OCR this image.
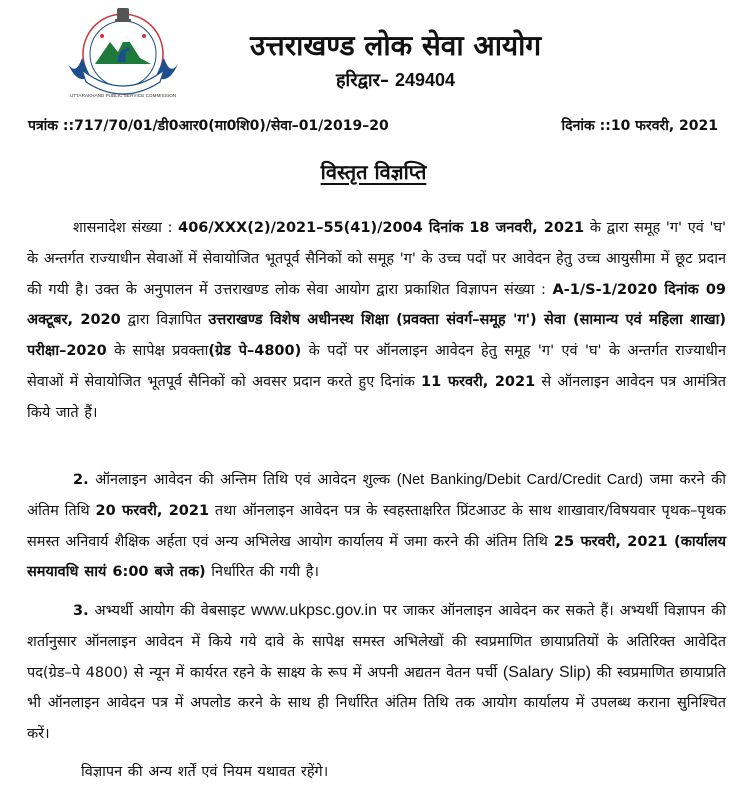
UTTARAKHAND PUBLIC SERVICE COMMISSION
उत्तराखण्ड लोक सेवा आयोग
हरिद्वार– 249404
पत्रांक ::717/70/01/डी0आर0(मा0शि0)/सेवा–01/2019–20	दिनांक ::10 फरवरी, 2021
विस्तृत विज्ञप्ति

शासनादेश संख्या : 406/XXX(2)/2021–55(41)/2004 दिनांक 18 जनवरी, 2021 के द्वारा समूह 'ग' एवं 'घ' के अन्तर्गत राज्याधीन सेवाओं में सेवायोजित भूतपूर्व सैनिकों को समूह 'ग' के उच्च पदों पर आवेदन हेतु उच्च आयुसीमा में छूट प्रदान की गयी है। उक्त के अनुपालन में उत्तराखण्ड लोक सेवा आयोग द्वारा प्रकाशित विज्ञापन संख्या : A-1/S-1/2020 दिनांक 09 अक्टूबर, 2020 द्वारा विज्ञापित उत्तराखण्ड विशेष अधीनस्थ शिक्षा (प्रवक्ता संवर्ग–समूह 'ग') सेवा (सामान्य एवं महिला शाखा) परीक्षा–2020 के सापेक्ष प्रवक्ता(ग्रेड पे–4800) के पदों पर ऑनलाइन आवेदन हेतु समूह 'ग' एवं 'घ' के अन्तर्गत राज्याधीन सेवाओं में सेवायोजित भूतपूर्व सैनिकों को अवसर प्रदान करते हुए दिनांक 11 फरवरी, 2021 से ऑनलाइन आवेदन पत्र आमंत्रित किये जाते हैं।

2. ऑनलाइन आवेदन की अन्तिम तिथि एवं आवेदन शुल्क (Net Banking/Debit Card/Credit Card) जमा करने की अंतिम तिथि 20 फरवरी, 2021 तथा ऑनलाइन आवेदन पत्र के स्वहस्ताक्षरित प्रिंटआउट के साथ शाखावार/विषयवार पृथक–पृथक समस्त अनिवार्य शैक्षिक अर्हता एवं अन्य अभिलेख आयोग कार्यालय में जमा करने की अंतिम तिथि 25 फरवरी, 2021 (कार्यालय समयावधि सायं 6:00 बजे तक) निर्धारित की गयी है।

3. अभ्यर्थी आयोग की वेबसाइट www.ukpsc.gov.in पर जाकर ऑनलाइन आवेदन कर सकते हैं। अभ्यर्थी विज्ञापन की शर्तानुसार ऑनलाइन आवेदन में किये गये दावे के सापेक्ष समस्त अभिलेखों की स्वप्रमाणित छायाप्रतियों के अतिरिक्त आवेदित पद(ग्रेड–पे 4800) से न्यून में कार्यरत रहने के साक्ष्य के रूप में अपनी अद्यतन वेतन पर्ची (Salary Slip) की स्वप्रमाणित छायाप्रति भी ऑनलाइन आवेदन पत्र में अपलोड करने के साथ ही निर्धारित अंतिम तिथि तक आयोग कार्यालय में उपलब्ध कराना सुनिश्चित करें।

विज्ञापन की अन्य शर्तें एवं नियम यथावत रहेंगे।
